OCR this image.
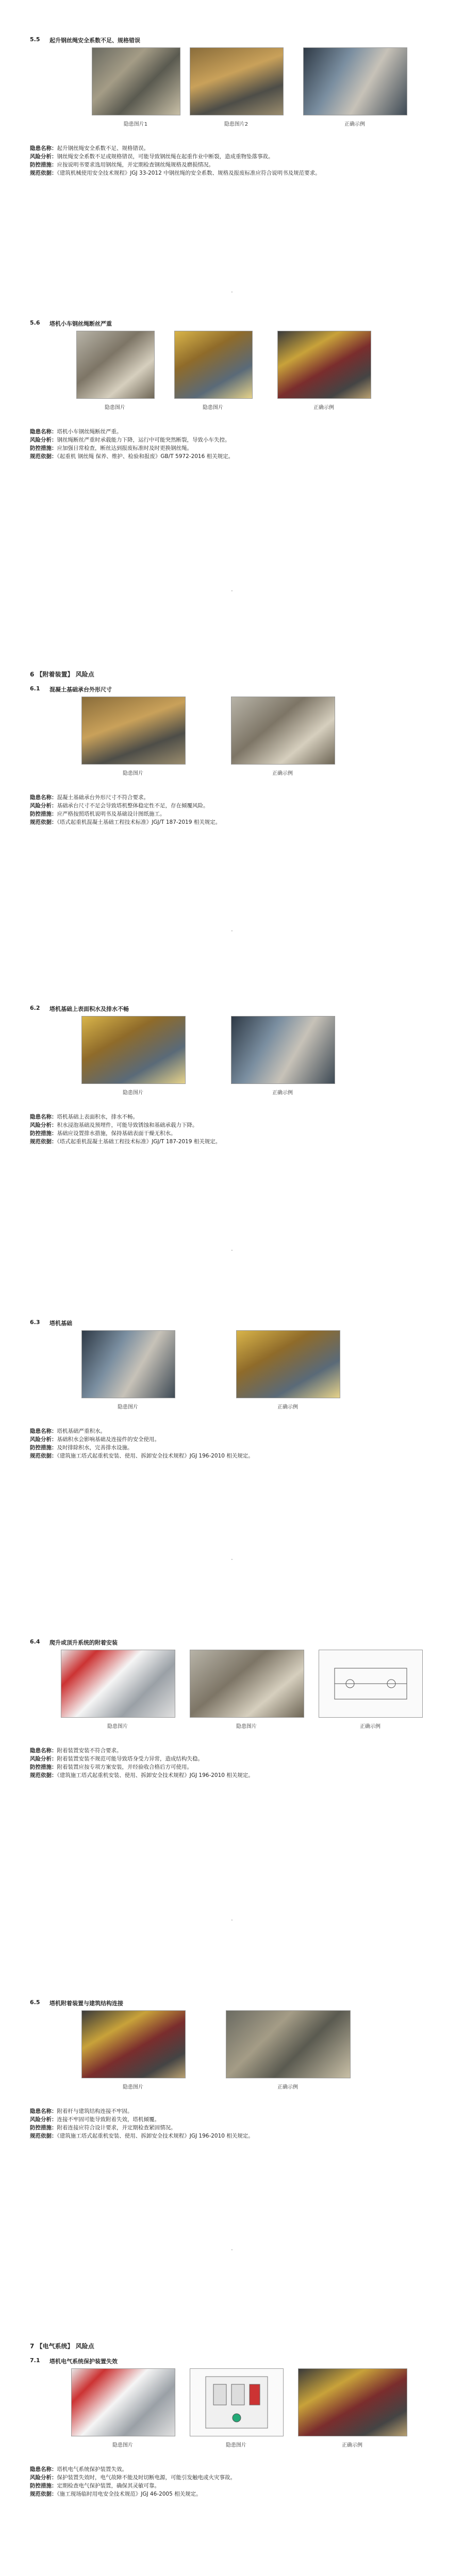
5.5 起升钢丝绳安全系数不足、规格错误
隐患图片1	隐患图片2	正确示例

隐患名称：起升钢丝绳安全系数不足、规格错误。

风险分析：钢丝绳安全系数不足或规格错误，可能导致钢丝绳在起重作业中断裂，造成重物坠落事故。

防控措施：应按说明书要求选用钢丝绳，并定期检查钢丝绳规格及磨损情况。

规范依据：《建筑机械使用安全技术规程》JGJ 33-2012 中钢丝绳的安全系数、规格及报废标准应符合说明书及规范要求。

·
5.6 塔机小车钢丝绳断丝严重
隐患图片	隐患图片	正确示例

隐患名称：塔机小车钢丝绳断丝严重。

风险分析：钢丝绳断丝严重时承载能力下降，运行中可能突然断裂，导致小车失控。

防控措施：应加强日常检查，断丝达到报废标准时及时更换钢丝绳。

规范依据：《起重机 钢丝绳 保养、维护、检验和报废》GB/T 5972-2016 相关规定。

·
6 【附着装置】 风险点
6.1 混凝土基础承台外形尺寸
隐患图片	正确示例

隐患名称：混凝土基础承台外形尺寸不符合要求。

风险分析：基础承台尺寸不足会导致塔机整体稳定性不足，存在倾覆风险。

防控措施：应严格按照塔机说明书及基础设计图纸施工。

规范依据：《塔式起重机混凝土基础工程技术标准》JGJ/T 187-2019 相关规定。

·
6.2 塔机基础上表面积水及排水不畅
隐患图片	正确示例

隐患名称：塔机基础上表面积水，排水不畅。

风险分析：积水浸泡基础及预埋件，可能导致锈蚀和基础承载力下降。

防控措施：基础应设置排水措施，保持基础表面干燥无积水。

规范依据：《塔式起重机混凝土基础工程技术标准》JGJ/T 187-2019 相关规定。

·
6.3 塔机基础
隐患图片	正确示例

隐患名称：塔机基础严重积水。

风险分析：基础积水会影响基础及连接件的安全使用。

防控措施：及时排除积水，完善排水设施。

规范依据：《建筑施工塔式起重机安装、使用、拆卸安全技术规程》JGJ 196-2010 相关规定。

·
6.4 爬升或顶升系统的附着安装
隐患图片	隐患图片	正确示例

隐患名称：附着装置安装不符合要求。

风险分析：附着装置安装不规范可能导致塔身受力异常，造成结构失稳。

防控措施：附着装置应按专项方案安装，并经验收合格后方可使用。

规范依据：《建筑施工塔式起重机安装、使用、拆卸安全技术规程》JGJ 196-2010 相关规定。

·
6.5 塔机附着装置与建筑结构连接
隐患图片	正确示例

隐患名称：附着杆与建筑结构连接不牢固。

风险分析：连接不牢固可能导致附着失效，塔机倾覆。

防控措施：附着连接应符合设计要求，并定期检查紧固情况。

规范依据：《建筑施工塔式起重机安装、使用、拆卸安全技术规程》JGJ 196-2010 相关规定。

·
7 【电气系统】 风险点
7.1 塔机电气系统保护装置失效
隐患图片	隐患图片	正确示例

隐患名称：塔机电气系统保护装置失效。

风险分析：保护装置失效时，电气故障不能及时切断电源，可能引发触电或火灾事故。

防控措施：定期检查电气保护装置，确保其灵敏可靠。

规范依据：《施工现场临时用电安全技术规范》JGJ 46-2005 相关规定。
